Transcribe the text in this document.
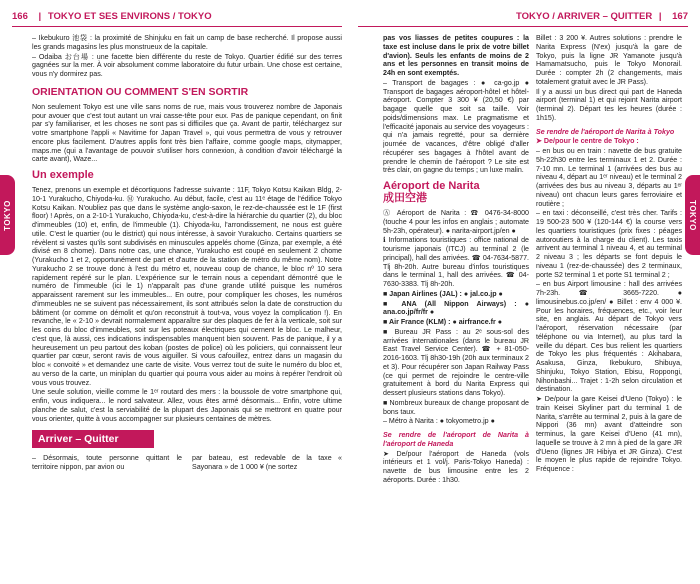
166 | TOKYO ET SES ENVIRONS / TOKYO	TOKYO / ARRIVER – QUITTER | 167
TOKYO	TOKYO

– Ikebukuro 池袋 : la proximité de Shinjuku en fait un camp de base recherché. Il propose aussi les grands magasins les plus monstrueux de la capitale.

– Odaiba お台場 : une facette bien différente du reste de Tokyo. Quartier édifié sur des terres gagnées sur la mer. À voir absolument comme laboratoire du futur urbain. Une chose est certaine, vous n'y dormirez pas.

ORIENTATION OU COMMENT S'EN SORTIR

Non seulement Tokyo est une ville sans noms de rue, mais vous trouverez nombre de Japonais pour avouer que c'est tout autant un vrai casse-tête pour eux. Pas de panique cependant, on finit par s'y familiariser, et les choses ne sont pas si difficiles que ça. Avant de partir, téléchargez sur votre smartphone l'appli « Navitime for Japan Travel », qui vous permettra de vous y retrouver encore plus facilement. D'autres applis font très bien l'affaire, comme google maps, citymapper, maps.me (qui a l'avantage de pouvoir s'utiliser hors connexion, à condition d'avoir téléchargé la carte avant), Waze...

Un exemple

Tenez, prenons un exemple et décortiquons l'adresse suivante : 11F, Tokyo Kotsu Kaikan Bldg, 2-10-1 Yurakucho, Chiyoda-ku. Ⓜ Yurakucho. Au début, facile, c'est au 11ᵉ étage de l'édifice Tokyo Kotsu Kaikan. N'oubliez pas que dans le système anglo-saxon, le rez-de-chaussée est le 1F (first floor) ! Après, on a 2-10-1 Yurakucho, Chiyoda-ku, c'est-à-dire la hiérarchie du quartier (2), du bloc d'immeubles (10) et, enfin, de l'immeuble (1). Chiyoda-ku, l'arrondissement, ne nous est guère utile. C'est le quartier (ou le district) qui nous intéresse, à savoir Yurakucho. Certains quartiers se révèlent si vastes qu'ils sont subdivisés en minuscules appelés chome (Ginza, par exemple, a été divisé en 8 chome). Dans notre cas, une chance, Yurakucho est coupé en seulement 2 chome (Yurakucho 1 et 2, opportunément de part et d'autre de la station de métro du même nom). Notre Yurakucho 2 se trouve donc à l'est du métro et, nouveau coup de chance, le bloc nº 10 sera rapidement repéré sur le plan. L'expérience sur le terrain nous a cependant démontré que le numéro de l'immeuble (ici le 1) n'apparaît pas d'une grande utilité puisque les numéros apparaissent rarement sur les immeubles... En outre, pour compliquer les choses, les numéros d'immeubles ne se suivent pas nécessairement, ils sont attribués selon la date de construction du bâtiment (or comme on démolit et qu'on reconstruit à tout-va, vous voyez la complication !). En revanche, le « 2-10 » devrait normalement apparaître sur des plaques de fer à la verticale, soit sur les coins du bloc d'immeubles, soit sur les poteaux électriques qui cernent le bloc. Le malheur, c'est que, là aussi, ces indications indispensables manquent bien souvent. Pas de panique, il y a heureusement un peu partout des koban (postes de police) où les policiers, qui connaissent leur quartier par cœur, seront ravis de vous aiguiller. Si vous cafouillez, entrez dans un magasin du bloc « convoité » et demandez une carte de visite. Vous verrez tout de suite le numéro du bloc et, au verso de la carte, un miniplan du quartier qui pourra vous aider au moins à repérer l'endroit où vous vous trouvez.

Une seule solution, vieille comme le 1ᵉʳ routard des mers : la boussole de votre smartphone qui, enfin, vous indiquera... le nord salvateur. Allez, vous êtes armé désormais... Enfin, votre ultime planche de salut, c'est la serviabilité de la plupart des Japonais qui se mettront en quatre pour vous orienter, quitte à vous accompagner sur plusieurs centaines de mètres.

Arriver – Quitter
– Désormais, toute personne quittant le territoire nippon, par avion ou
par bateau, est redevable de la taxe « Sayonara » de 1 000 ¥ (ne sortez

pas vos liasses de petites coupures : la taxe est incluse dans le prix de votre billet d'avion). Seuls les enfants de moins de 2 ans et les personnes en transit moins de 24h en sont exemptés.

– Transport de bagages : ● ca-go.jp ● Transport de bagages aéroport-hôtel et hôtel-aéroport. Compter 3 300 ¥ (20,50 €) par bagage quelle que soit sa taille. Voir poids/dimensions max. Le pragmatisme et l'efficacité japonais au service des voyageurs : qui n'a jamais regretté, pour sa dernière journée de vacances, d'être obligé d'aller récupérer ses bagages à l'hôtel avant de prendre le chemin de l'aéroport ? Le site est très clair, on gagne du temps ; un luxe malin.

Aéroport de Narita
成田空港

Ⓐ Aéroport de Narita : ☎ 0476-34-8000 (touche 4 pour les infos en anglais ; automate 5h-23h, opérateur). ● narita-airport.jp/en ●

ℹ Informations touristiques : office national de tourisme japonais (ITCJ) au terminal 2 (le principal), hall des arrivées. ☎ 04-7634-5877. Tlj 8h-20h. Autre bureau d'infos touristiques dans le terminal 1, hall des arrivées. ☎ 04-7630-3383. Tlj 8h-20h.

■ Japan Airlines (JAL) : ● jal.co.jp ●

■ ANA (All Nippon Airways) : ● ana.co.jp/fr/fr ●

■ Air France (KLM) : ● airfrance.fr ●

■ Bureau JR Pass : au 2ᵉ sous-sol des arrivées internationales (dans le bureau JR East Travel Service Center). ☎ + 81-050-2016-1603. Tlj 8h30-19h (20h aux terminaux 2 et 3). Pour récupérer son Japan Railway Pass (ce qui permet de rejoindre le centre-ville gratuitement à bord du Narita Express qui dessert plusieurs stations dans Tokyo).

■ Nombreux bureaux de change proposant de bons taux.

– Métro à Narita : ● tokyometro.jp ●

Se rendre de l'aéroport de Narita à l'aéroport de Haneda

➤ De/pour l'aéroport de Haneda (vols intérieurs et 1 vol/j. Paris-Tokyo Haneda) : navette de bus limousine entre les 2 aéroports. Durée : 1h30.

Billet : 3 200 ¥. Autres solutions : prendre le Narita Express (N'ex) jusqu'à la gare de Tokyo, puis la ligne JR Yamanote jusqu'à Hamamatsucho, puis le Tokyo Monorail. Durée : compter 2h (2 changements, mais totalement gratuit avec le JR Pass).

Il y a aussi un bus direct qui part de Haneda airport (terminal 1) et qui rejoint Narita airport (terminal 2). Départ tes les heures (durée : 1h15).

Se rendre de l'aéroport de Narita à Tokyo

➤ De/pour le centre de Tokyo :

– en bus ou en train : navette de bus gratuite 5h-22h30 entre les terminaux 1 et 2. Durée : 7-10 mn. Le terminal 1 (arrivées des bus au niveau 4, départ au 1ᵉʳ niveau) et le terminal 2 (arrivées des bus au niveau 3, départs au 1ᵉʳ niveau) ont chacun leurs gares ferroviaire et routière ;

– en taxi : déconseillé, c'est très cher. Tarifs : 19 500-23 500 ¥ (120-144 €) la course vers les quartiers touristiques (prix fixes : péages autoroutiers à la charge du client). Les taxis arrivent au terminal 1 niveau 4, et au terminal 2 niveau 3 ; les départs se font depuis le niveau 1 (rez-de-chaussée) des 2 terminaux, porte S2 terminal 1 et porte S1 terminal 2 ;

– en bus Airport limousine : hall des arrivées 7h-23h. ☎ 3665-7220. ● limousinebus.co.jp/en/ ● Billet : env 4 000 ¥. Pour les horaires, fréquences, etc., voir leur site, en anglais. Au départ de Tokyo vers l'aéroport, réservation nécessaire (par téléphone ou via Internet), au plus tard la veille du départ. Ces bus relient les quartiers de Tokyo les plus fréquentés : Akihabara, Asakusa, Ginza, Ikebukuro, Shibuya, Shinjuku, Tokyo Station, Ebisu, Roppongi, Nihonbashi... Trajet : 1-2h selon circulation et destination.

➤ De/pour la gare Keisei d'Ueno (Tokyo) : le train Keisei Skyliner part du terminal 1 de Narita, s'arrête au terminal 2, puis à la gare de Nippori (36 mn) avant d'atteindre son terminus, la gare Keisei d'Ueno (41 mn), laquelle se trouve à 2 mn à pied de la gare JR d'Ueno (lignes JR Hibiya et JR Ginza). C'est le moyen le plus rapide de rejoindre Tokyo. Fréquence :
